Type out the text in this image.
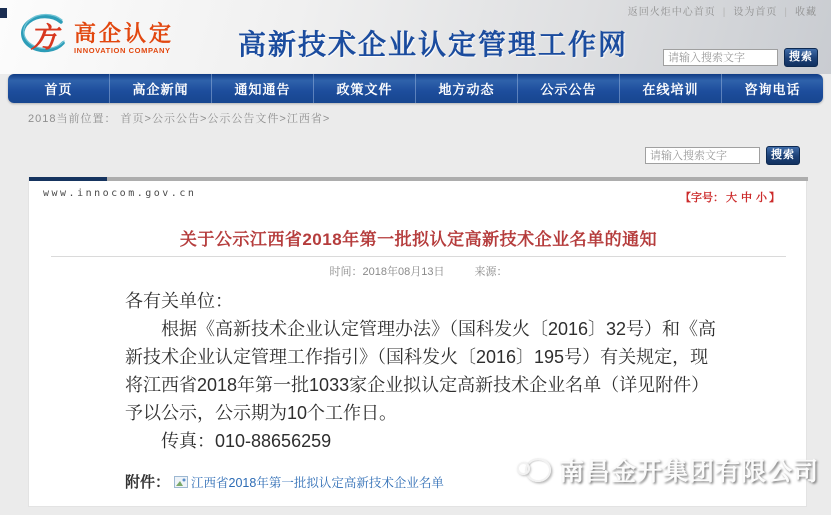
返回火炬中心首页 | 设为首页 | 收藏
方 高企认定
INNOVATION COMPANY 高新技术企业认定管理工作网
请输入搜索文字	搜索
首页	高企新闻	通知通告	政策文件	地方动态	公示公告	在线培训	咨询电话
2018当前位置： 首页>公示公告>公示公告文件>江西省>
请输入搜索文字
搜索
www.innocom.gov.cn	【字号： 大 中 小 】
关于公示江西省2018年第一批拟认定高新技术企业名单的通知
时间：2018年08月13日	来源：

各有关单位：

根据《高新技术企业认定管理办法》（国科发火〔2016〕32号）和《高新技术企业认定管理工作指引》（国科发火〔2016〕195号）有关规定，现将江西省2018年第一批1033家企业拟认定高新技术企业名单（详见附件）予以公示，公示期为10个工作日。

传真：010-88656259

附件： 江西省2018年第一批拟认定高新技术企业名单	南昌金开集团有限公司
